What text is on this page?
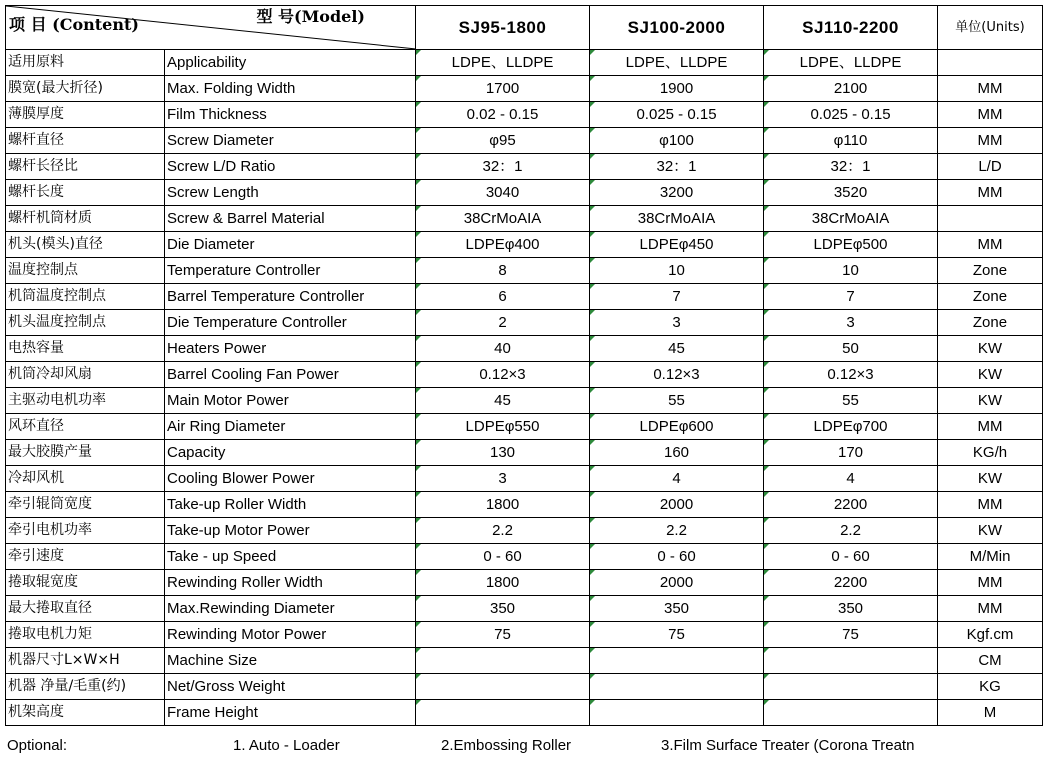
项 目 (Content) 型 号(Model)		SJ95-1800	SJ100-2000	SJ110-2200	单位(Units)
适用原料	Applicability	LDPE、LLDPE	LDPE、LLDPE	LDPE、LLDPE	
膜宽(最大折径)	Max. Folding Width	1700	1900	2100	MM
薄膜厚度	Film Thickness	0.02 - 0.15	0.025 - 0.15	0.025 - 0.15	MM
螺杆直径	Screw Diameter	φ95	φ100	φ110	MM
螺杆长径比	Screw L/D Ratio	32：1	32：1	32：1	L/D
螺杆长度	Screw Length	3040	3200	3520	MM
螺杆机筒材质	Screw & Barrel Material	38CrMoAIA	38CrMoAIA	38CrMoAIA	
机头(模头)直径	Die Diameter	LDPEφ400	LDPEφ450	LDPEφ500	MM
温度控制点	Temperature Controller	8	10	10	Zone
机筒温度控制点	Barrel Temperature Controller	6	7	7	Zone
机头温度控制点	Die Temperature Controller	2	3	3	Zone
电热容量	Heaters Power	40	45	50	KW
机筒冷却风扇	Barrel Cooling Fan Power	0.12×3	0.12×3	0.12×3	KW
主驱动电机功率	Main Motor Power	45	55	55	KW
风环直径	Air Ring Diameter	LDPEφ550	LDPEφ600	LDPEφ700	MM
最大胶膜产量	Capacity	130	160	170	KG/h
冷却风机	Cooling Blower Power	3	4	4	KW
牵引辊筒宽度	Take-up Roller Width	1800	2000	2200	MM
牵引电机功率	Take-up Motor Power	2.2	2.2	2.2	KW
牵引速度	Take - up Speed	0 - 60	0 - 60	0 - 60	M/Min
捲取辊宽度	Rewinding Roller Width	1800	2000	2200	MM
最大捲取直径	Max.Rewinding Diameter	350	350	350	MM
捲取电机力矩	Rewinding Motor Power	75	75	75	Kgf.cm
机器尺寸L×W×H	Machine Size				CM
机器 净量/毛重(约)	Net/Gross Weight				KG
机架高度	Frame Height				M
Optional:	1. Auto - Loader	2.Embossing Roller	3.Film Surface Treater (Corona Treatn
